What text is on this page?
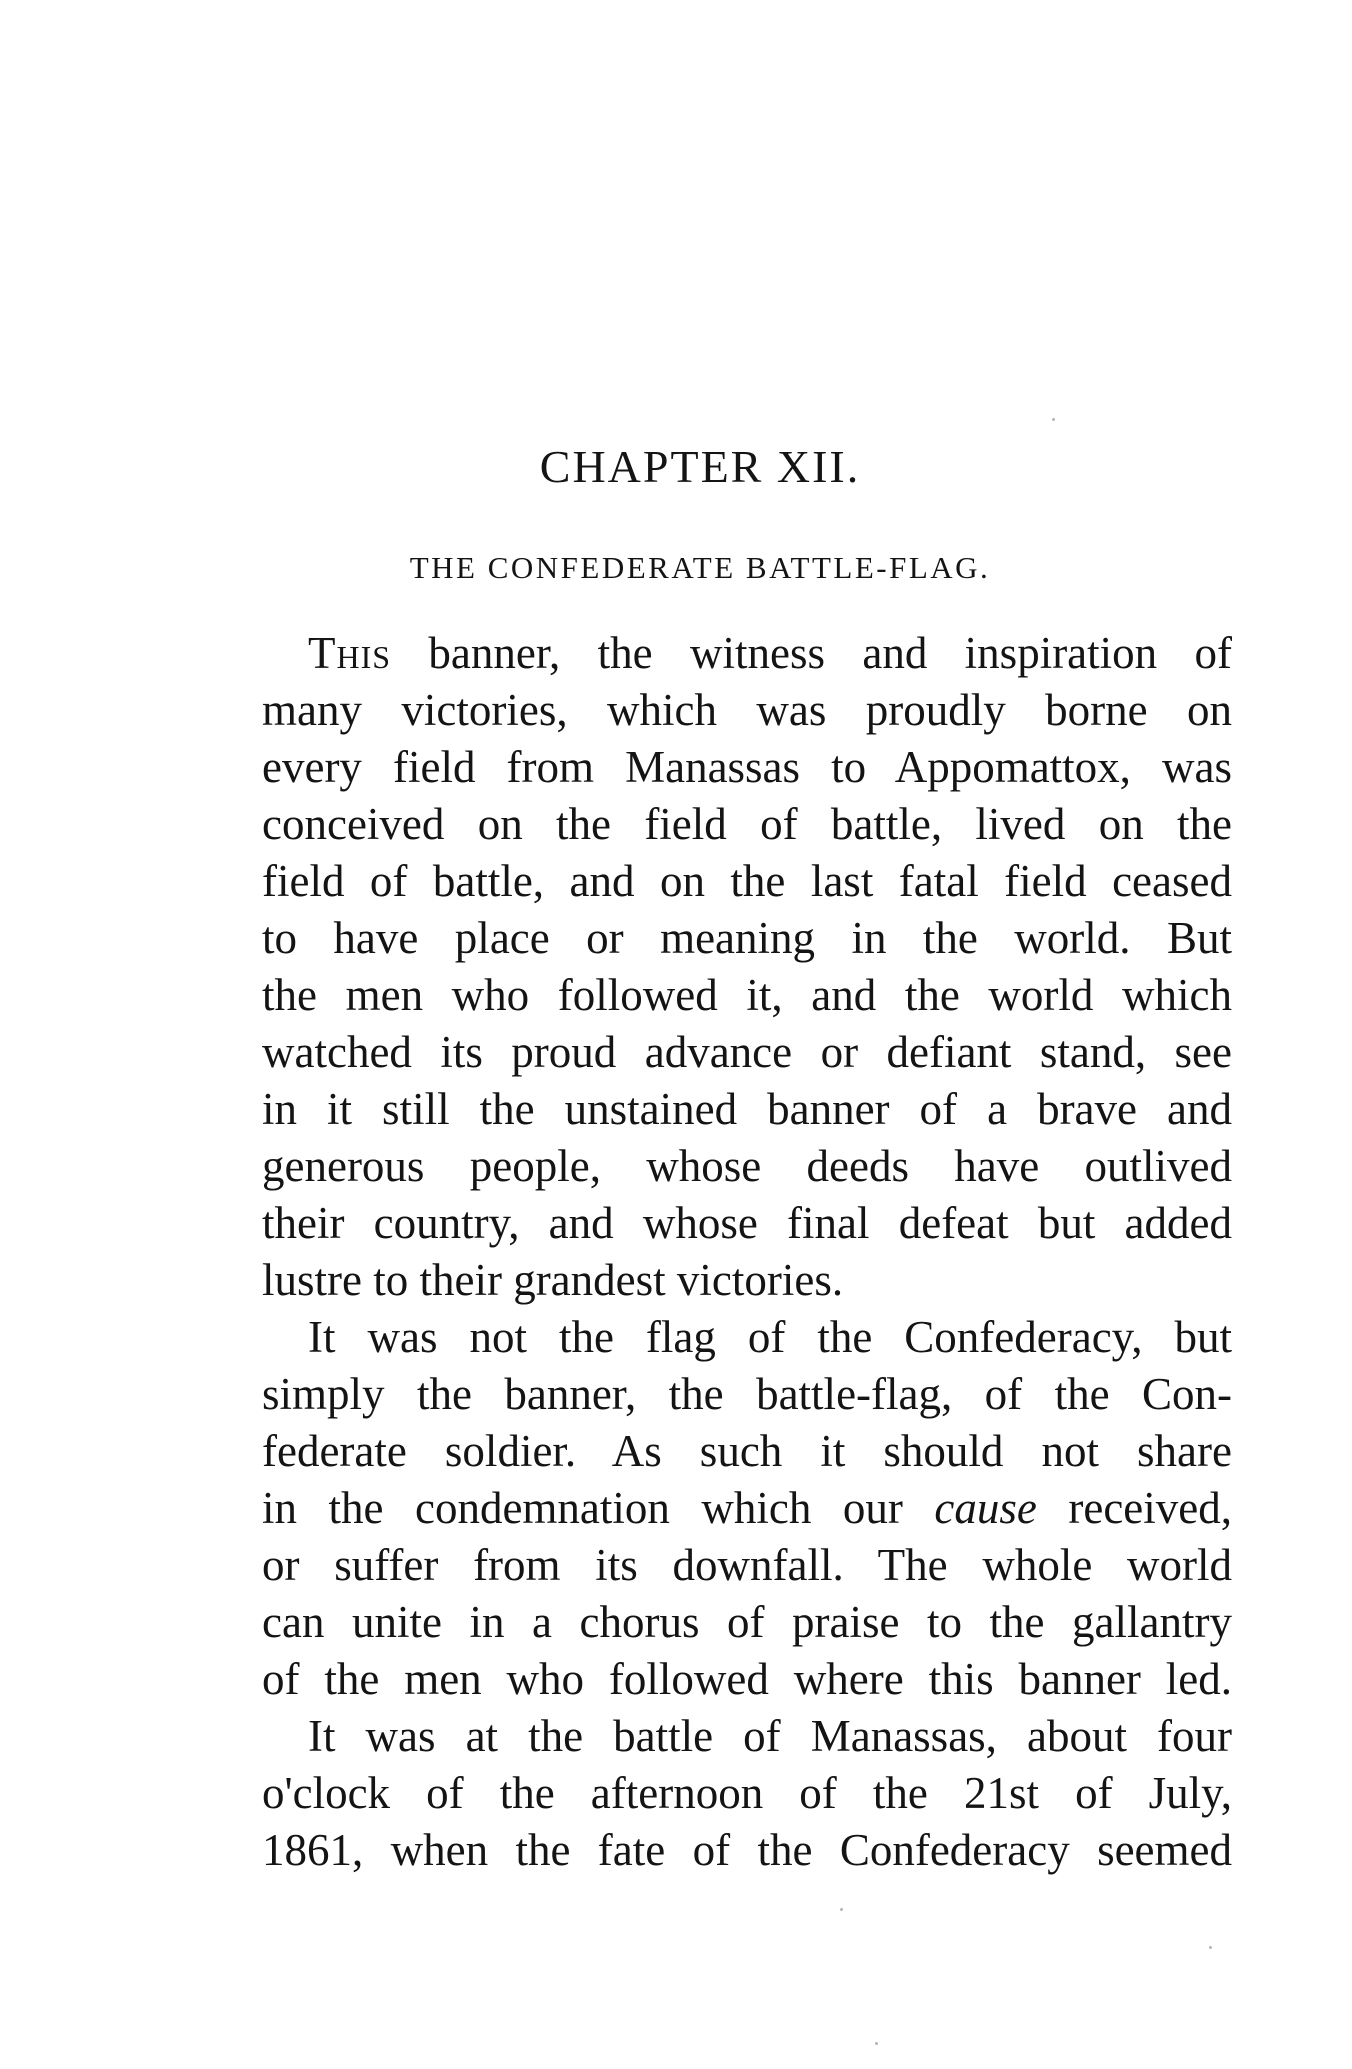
CHAPTER XII.
THE CONFEDERATE BATTLE-FLAG.
This banner, the witness and inspiration of
many victories, which was proudly borne on
every field from Manassas to Appomattox, was
conceived on the field of battle, lived on the
field of battle, and on the last fatal field ceased
to have place or meaning in the world. But
the men who followed it, and the world which
watched its proud advance or defiant stand, see
in it still the unstained banner of a brave and
generous people, whose deeds have outlived
their country, and whose final defeat but added
lustre to their grandest victories.
It was not the flag of the Confederacy, but
simply the banner, the battle-flag, of the Con-
federate soldier. As such it should not share
in the condemnation which our cause received,
or suffer from its downfall. The whole world
can unite in a chorus of praise to the gallantry
of the men who followed where this banner led.
It was at the battle of Manassas, about four
o'clock of the afternoon of the 21st of July,
1861, when the fate of the Confederacy seemed
